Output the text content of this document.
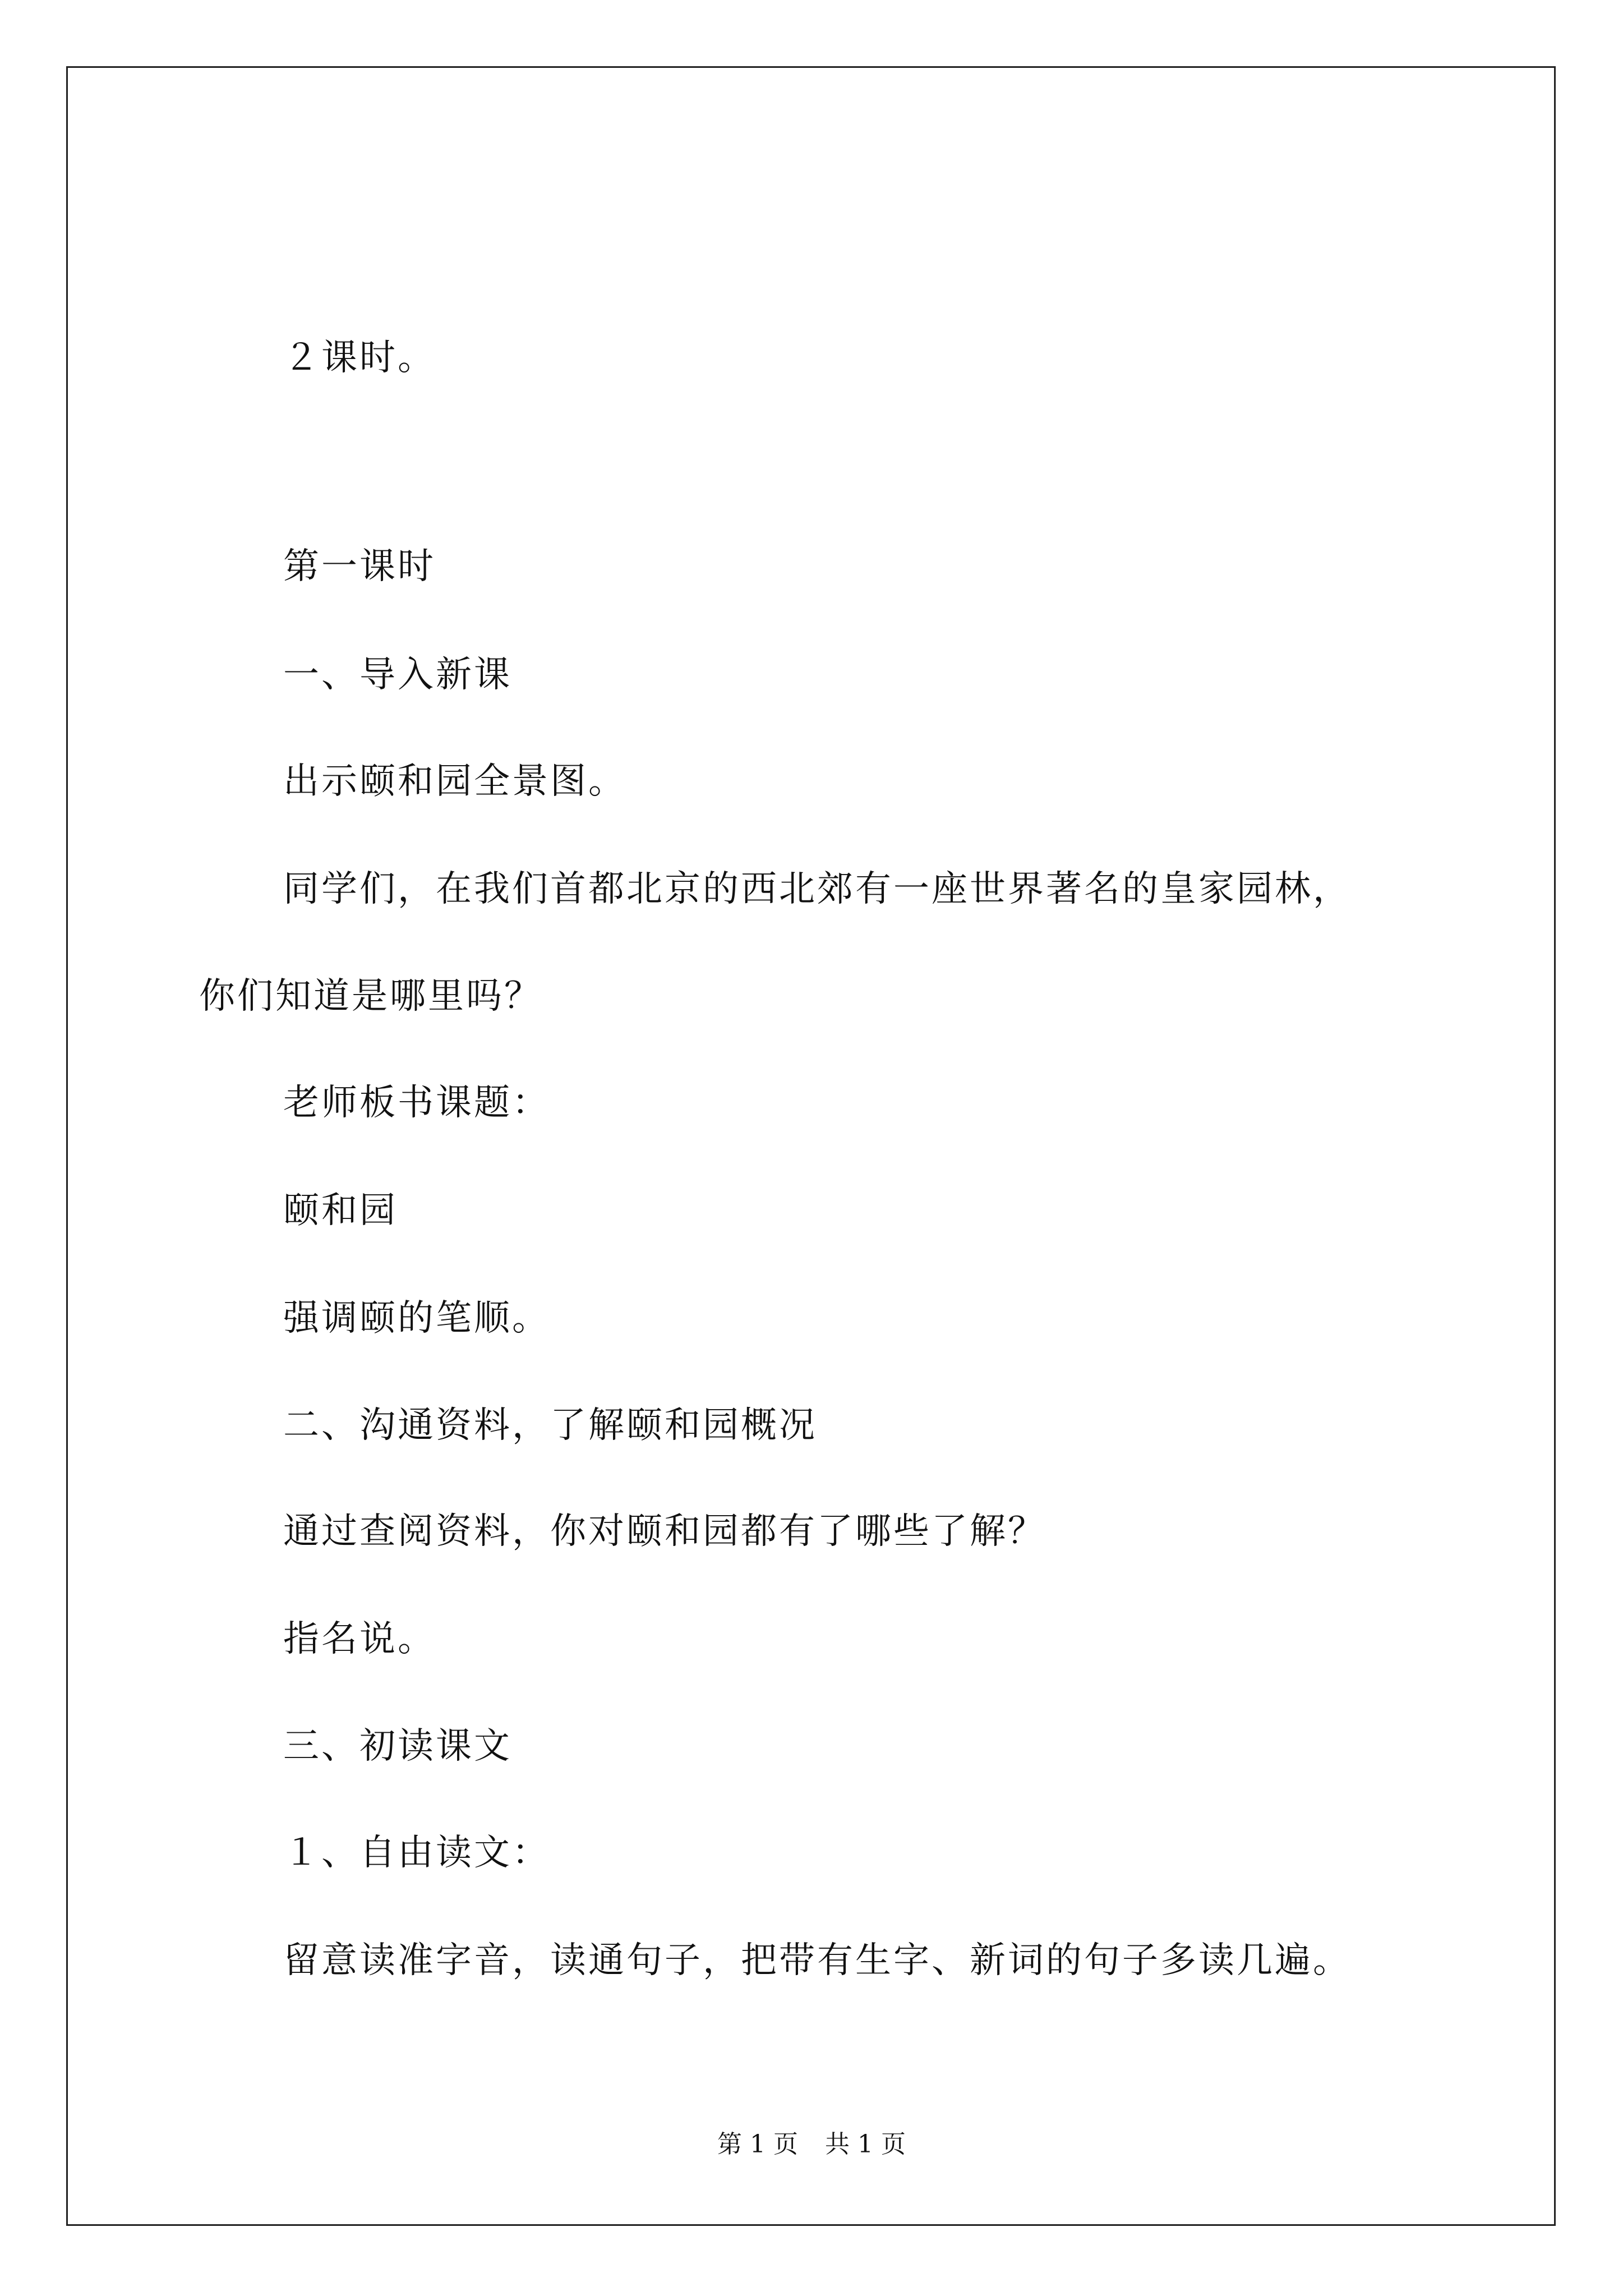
２课时。
第一课时
一、导入新课
出示颐和园全景图。
同学们，在我们首都北京的西北郊有一座世界著名的皇家园林，
你们知道是哪里吗？
老师板书课题：
颐和园
强调颐的笔顺。
二、沟通资料，了解颐和园概况
通过查阅资料，你对颐和园都有了哪些了解？
指名说。
三、初读课文
１、自由读文：
留意读准字音，读通句子，把带有生字、新词的句子多读几遍。
第 1 页 共 1 页
